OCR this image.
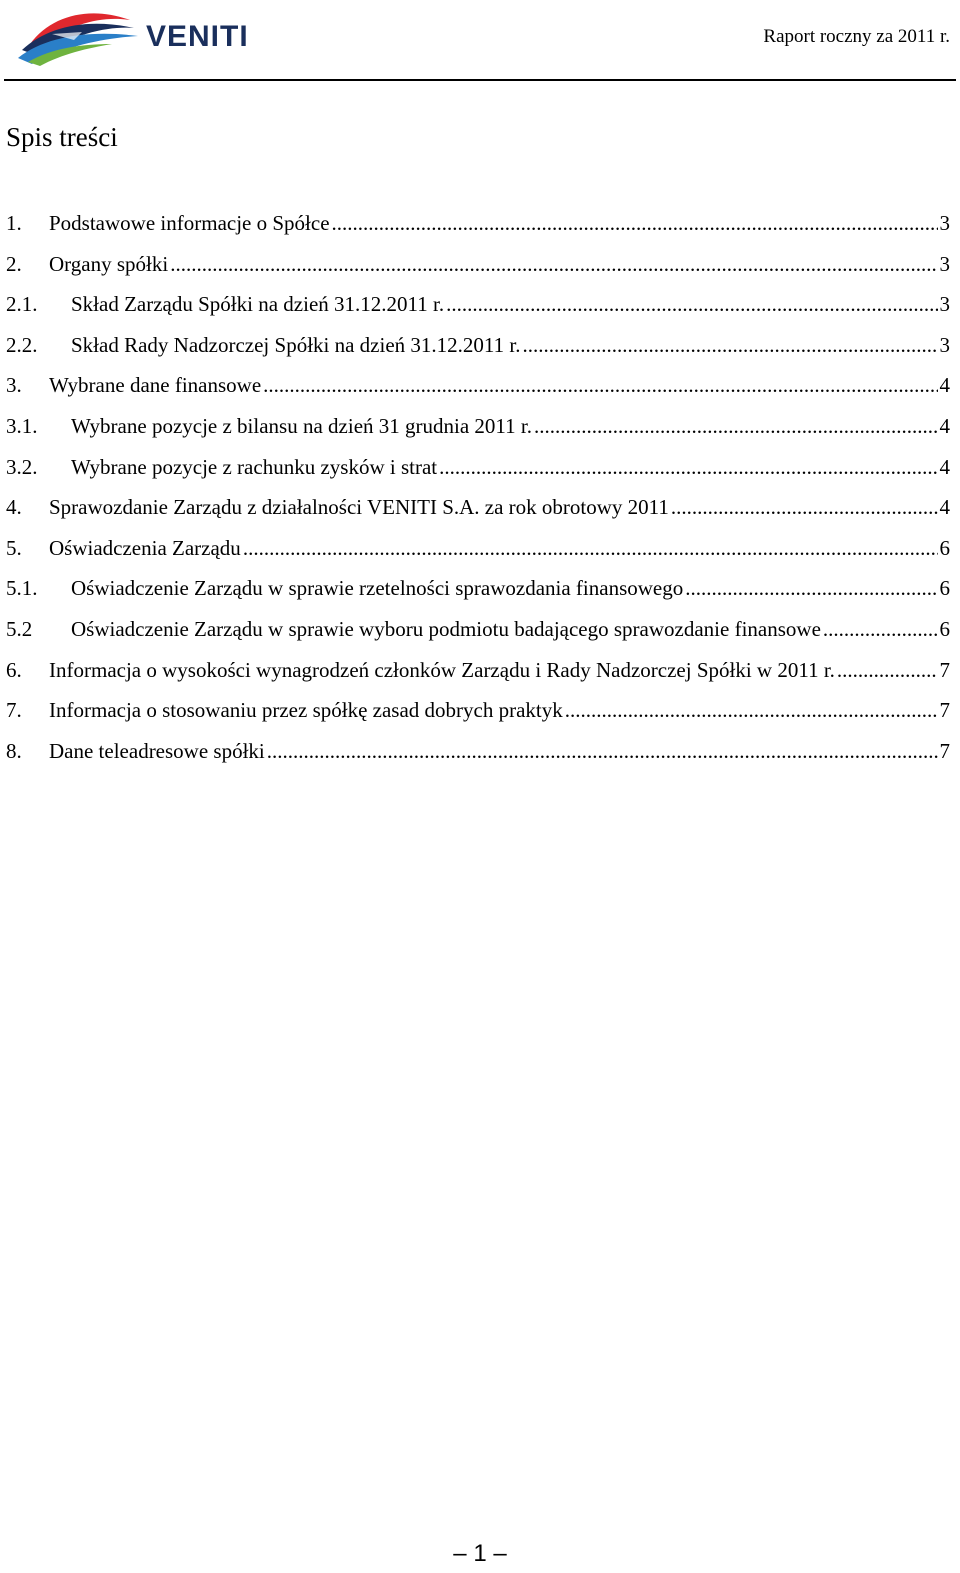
VENITI	Raport roczny za 2011 r.
Spis treści
1. Podstawowe informacje o Spółce .....	3
2. Organy spółki .....	3
2.1. Skład Zarządu Spółki na dzień 31.12.2011 r. .....	3
2.2. Skład Rady Nadzorczej Spółki na dzień 31.12.2011 r. .....	3
3. Wybrane dane finansowe .....	4
3.1. Wybrane pozycje z bilansu na dzień 31 grudnia 2011 r. .....	4
3.2. Wybrane pozycje z rachunku zysków i strat .....	4
4. Sprawozdanie Zarządu z działalności VENITI S.A. za rok obrotowy 2011 .....	4
5. Oświadczenia Zarządu .....	6
5.1. Oświadczenie Zarządu w sprawie rzetelności sprawozdania finansowego .....	6
5.2 Oświadczenie Zarządu w sprawie wyboru podmiotu badającego sprawozdanie finansowe .....	6
6. Informacja o wysokości wynagrodzeń członków Zarządu i Rady Nadzorczej Spółki w 2011 r. .....	7
7. Informacja o stosowaniu przez spółkę zasad dobrych praktyk .....	7
8. Dane teleadresowe spółki .....	7
– 1 –
